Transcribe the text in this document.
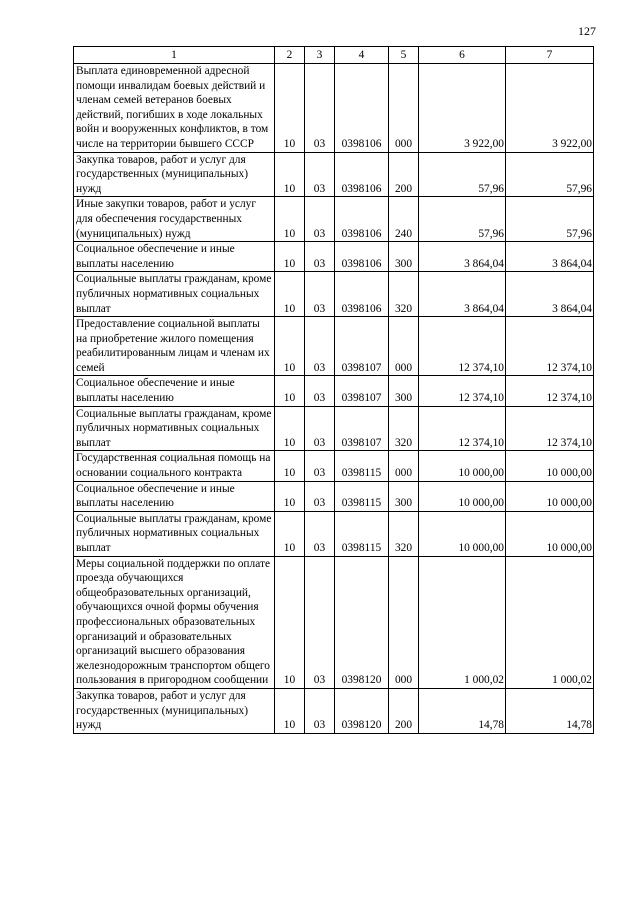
127
1	2	3	4	5	6	7
Выплата единовременной адресной помощи инвалидам боевых действий и членам семей ветеранов боевых действий, погибших в ходе локальных войн и вооруженных конфликтов, в том числе на территории бывшего СССР	10	03	0398106	000	3 922,00	3 922,00
Закупка товаров, работ и услуг для государственных (муниципальных) нужд	10	03	0398106	200	57,96	57,96
Иные закупки товаров, работ и услуг для обеспечения государственных (муниципальных) нужд	10	03	0398106	240	57,96	57,96
Социальное обеспечение и иные выплаты населению	10	03	0398106	300	3 864,04	3 864,04
Социальные выплаты гражданам, кроме публичных нормативных социальных выплат	10	03	0398106	320	3 864,04	3 864,04
Предоставление социальной выплаты на приобретение жилого помещения реабилитированным лицам и членам их семей	10	03	0398107	000	12 374,10	12 374,10
Социальное обеспечение и иные выплаты населению	10	03	0398107	300	12 374,10	12 374,10
Социальные выплаты гражданам, кроме публичных нормативных социальных выплат	10	03	0398107	320	12 374,10	12 374,10
Государственная социальная помощь на основании социального контракта	10	03	0398115	000	10 000,00	10 000,00
Социальное обеспечение и иные выплаты населению	10	03	0398115	300	10 000,00	10 000,00
Социальные выплаты гражданам, кроме публичных нормативных социальных выплат	10	03	0398115	320	10 000,00	10 000,00
Меры социальной поддержки по оплате проезда обучающихся общеобразовательных организаций, обучающихся очной формы обучения профессиональных образовательных организаций и образовательных организаций высшего образования железнодорожным транспортом общего пользования в пригородном сообщении	10	03	0398120	000	1 000,02	1 000,02
Закупка товаров, работ и услуг для государственных (муниципальных) нужд	10	03	0398120	200	14,78	14,78
